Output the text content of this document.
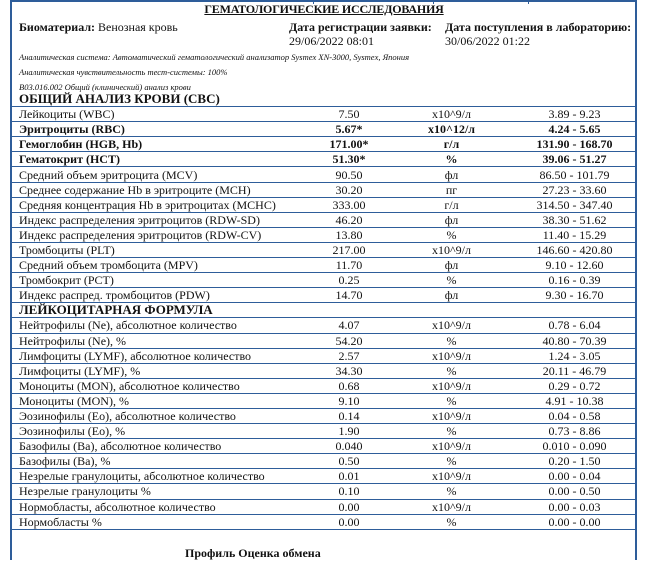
ГЕМАТОЛОГИЧЕСКИЕ ИССЛЕДОВАНИЯ
Биоматериал: Венозная кровь	Дата регистрации заявки:
29/06/2022 08:01
Дата поступления в лабораторию:
30/06/2022 01:22
Аналитическая система: Автоматический гематологический анализатор Sysmex XN-3000, Sysmex, Япония
Аналитическая чувствительность тест-системы: 100%
B03.016.002 Общий (клинический) анализ крови
ОБЩИЙ АНАЛИЗ КРОВИ (CBC)			
Лейкоциты (WBC)	7.50	x10^9/л	3.89 - 9.23
Эритроциты (RBC)	5.67*	x10^12/л	4.24 - 5.65
Гемоглобин (HGB, Hb)	171.00*	г/л	131.90 - 168.70
Гематокрит (HCT)	51.30*	%	39.06 - 51.27
Средний объем эритроцита (MCV)	90.50	фл	86.50 - 101.79
Среднее содержание Hb в эритроците (MCH)	30.20	пг	27.23 - 33.60
Средняя концентрация Hb в эритроцитах (MCHC)	333.00	г/л	314.50 - 347.40
Индекс распределения эритроцитов (RDW-SD)	46.20	фл	38.30 - 51.62
Индекс распределения эритроцитов (RDW-CV)	13.80	%	11.40 - 15.29
Тромбоциты (PLT)	217.00	x10^9/л	146.60 - 420.80
Средний объем тромбоцита (MPV)	11.70	фл	9.10 - 12.60
Тромбокрит (PCT)	0.25	%	0.16 - 0.39
Индекс распред. тромбоцитов (PDW)	14.70	фл	9.30 - 16.70
ЛЕЙКОЦИТАРНАЯ ФОРМУЛА			
Нейтрофилы (Ne), абсолютное количество	4.07	x10^9/л	0.78 - 6.04
Нейтрофилы (Ne), %	54.20	%	40.80 - 70.39
Лимфоциты (LYMF), абсолютное количество	2.57	x10^9/л	1.24 - 3.05
Лимфоциты (LYMF), %	34.30	%	20.11 - 46.79
Моноциты (MON), абсолютное количество	0.68	x10^9/л	0.29 - 0.72
Моноциты (MON), %	9.10	%	4.91 - 10.38
Эозинофилы (Eo), абсолютное количество	0.14	x10^9/л	0.04 - 0.58
Эозинофилы (Eo), %	1.90	%	0.73 - 8.86
Базофилы (Ba), абсолютное количество	0.040	x10^9/л	0.010 - 0.090
Базофилы (Ba), %	0.50	%	0.20 - 1.50
Незрелые гранулоциты, абсолютное количество	0.01	x10^9/л	0.00 - 0.04
Незрелые гранулоциты %	0.10	%	0.00 - 0.50
Нормобласты, абсолютное количество	0.00	x10^9/л	0.00 - 0.03
Нормобласты %	0.00	%	0.00 - 0.00
Профиль Оценка обмена
